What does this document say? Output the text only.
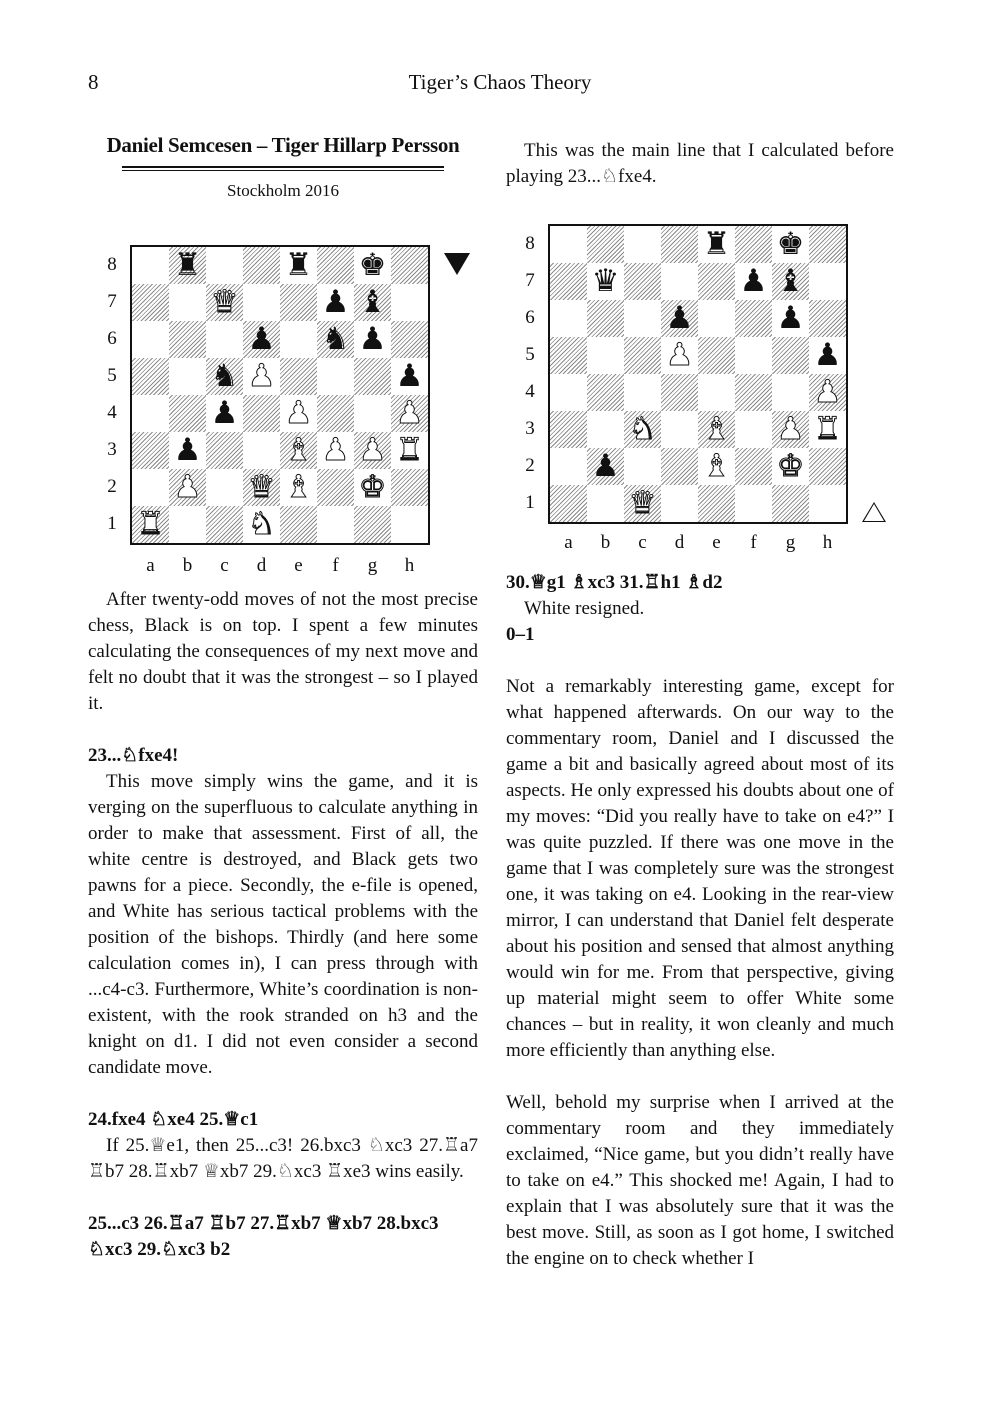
8	Tiger’s Chaos Theory
Daniel Semcesen – Tiger Hillarp Persson
Stockholm 2016
8
7
6
5
4
3
2
1
♜	♜ ♚
♛	♟ ♝
♟ ♞ ♟
♞ ♟	♟
♟ ♟	♟
♟	♝ ♟ ♟ ♜
♟ ♛ ♝ ♚
♜	♞
a	b	c	d	e	f	g	h

After twenty-odd moves of not the most precise chess, Black is on top. I spent a few minutes calculating the consequences of my next move and felt no doubt that it was the strongest – so I played it.

23...♘fxe4!

This move simply wins the game, and it is verging on the superfluous to calculate anything in order to make that assessment. First of all, the white centre is destroyed, and Black gets two pawns for a piece. Secondly, the e-file is opened, and White has serious tactical problems with the position of the bishops. Thirdly (and here some calculation comes in), I can press through with ...c4-c3. Furthermore, White’s coordination is non-existent, with the rook stranded on h3 and the knight on d1. I did not even consider a second candidate move.

24.fxe4 ♘xe4 25.♕c1

If 25.♕e1, then 25...c3! 26.bxc3 ♘xc3 27.♖a7 ♖b7 28.♖xb7 ♕xb7 29.♘xc3 ♖xe3 wins easily.

25...c3 26.♖a7 ♖b7 27.♖xb7 ♕xb7 28.bxc3 ♘xc3 29.♘xc3 b2

This was the main line that I calculated before playing 23...♘fxe4.

8
7
6
5
4
3
2
1
♜ ♚
♛	♟ ♝
♟	♟
♟	♟
♟
♞ ♝ ♟ ♜
♟	♝ ♚
♛
a	b	c	d	e	f	g	h

30.♕g1 ♗xc3 31.♖h1 ♗d2

White resigned.

0–1

Not a remarkably interesting game, except for what happened afterwards. On our way to the commentary room, Daniel and I discussed the game a bit and basically agreed about most of its aspects. He only expressed his doubts about one of my moves: “Did you really have to take on e4?” I was quite puzzled. If there was one move in the game that I was completely sure was the strongest one, it was taking on e4. Looking in the rear-view mirror, I can understand that Daniel felt desperate about his position and sensed that almost anything would win for me. From that perspective, giving up material might seem to offer White some chances – but in reality, it won cleanly and much more efficiently than anything else.

Well, behold my surprise when I arrived at the commentary room and they immediately exclaimed, “Nice game, but you didn’t really have to take on e4.” This shocked me! Again, I had to explain that I was absolutely sure that it was the best move. Still, as soon as I got home, I switched the engine on to check whether I
